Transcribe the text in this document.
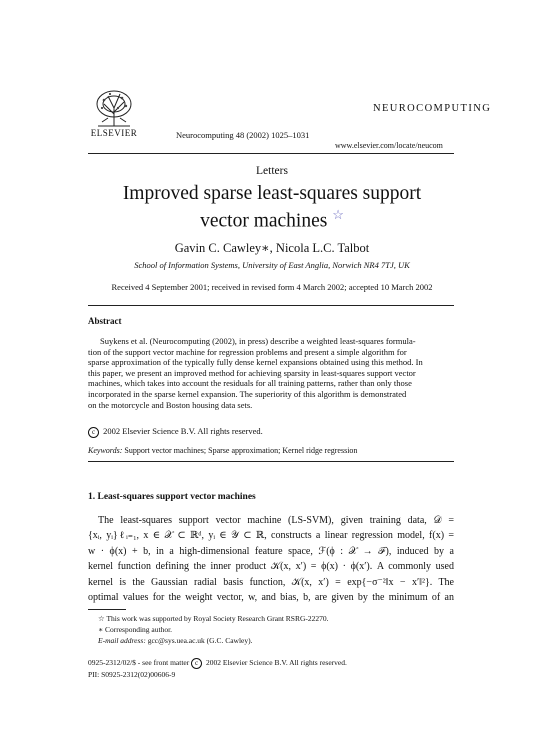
ELSEVIER
NEUROCOMPUTING
Neurocomputing 48 (2002) 1025–1031
www.elsevier.com/locate/neucom
Letters
Improved sparse least-squares support
vector machines ☆
Gavin C. Cawley∗, Nicola L.C. Talbot
School of Information Systems, University of East Anglia, Norwich NR4 7TJ, UK
Received 4 September 2001; received in revised form 4 March 2002; accepted 10 March 2002
Abstract
Suykens et al. (Neurocomputing (2002), in press) describe a weighted least-squares formula-
tion of the support vector machine for regression problems and present a simple algorithm for
sparse approximation of the typically fully dense kernel expansions obtained using this method. In
this paper, we present an improved method for achieving sparsity in least-squares support vector
machines, which takes into account the residuals for all training patterns, rather than only those
incorporated in the sparse kernel expansion. The superiority of this algorithm is demonstrated
on the motorcycle and Boston housing data sets.
c 2002 Elsevier Science B.V. All rights reserved.
Keywords: Support vector machines; Sparse approximation; Kernel ridge regression
1. Least-squares support vector machines
The least-squares support vector machine (LS-SVM), given training data, 𝒟 =
{xᵢ, yᵢ}ℓᵢ₌₁, x ∈ 𝒳 ⊂ ℝᵈ, yᵢ ∈ 𝒴 ⊂ ℝ, constructs a linear regression model, f(x) =
w · ϕ(x) + b, in a high-dimensional feature space, ℱ(ϕ : 𝒳 → ℱ), induced by a
kernel function defining the inner product 𝒦(x, x′) = ϕ(x) · ϕ(x′). A commonly used
kernel is the Gaussian radial basis function, 𝒦(x, x′) = exp{−σ⁻²‖x − x′‖²}. The
optimal values for the weight vector, w, and bias, b, are given by the minimum of an
☆ This work was supported by Royal Society Research Grant RSRG-22270.
∗ Corresponding author.
E-mail address: gcc@sys.uea.ac.uk (G.C. Cawley).
0925-2312/02/$ - see front matter c 2002 Elsevier Science B.V. All rights reserved.
PII: S0925-2312(02)00606-9
